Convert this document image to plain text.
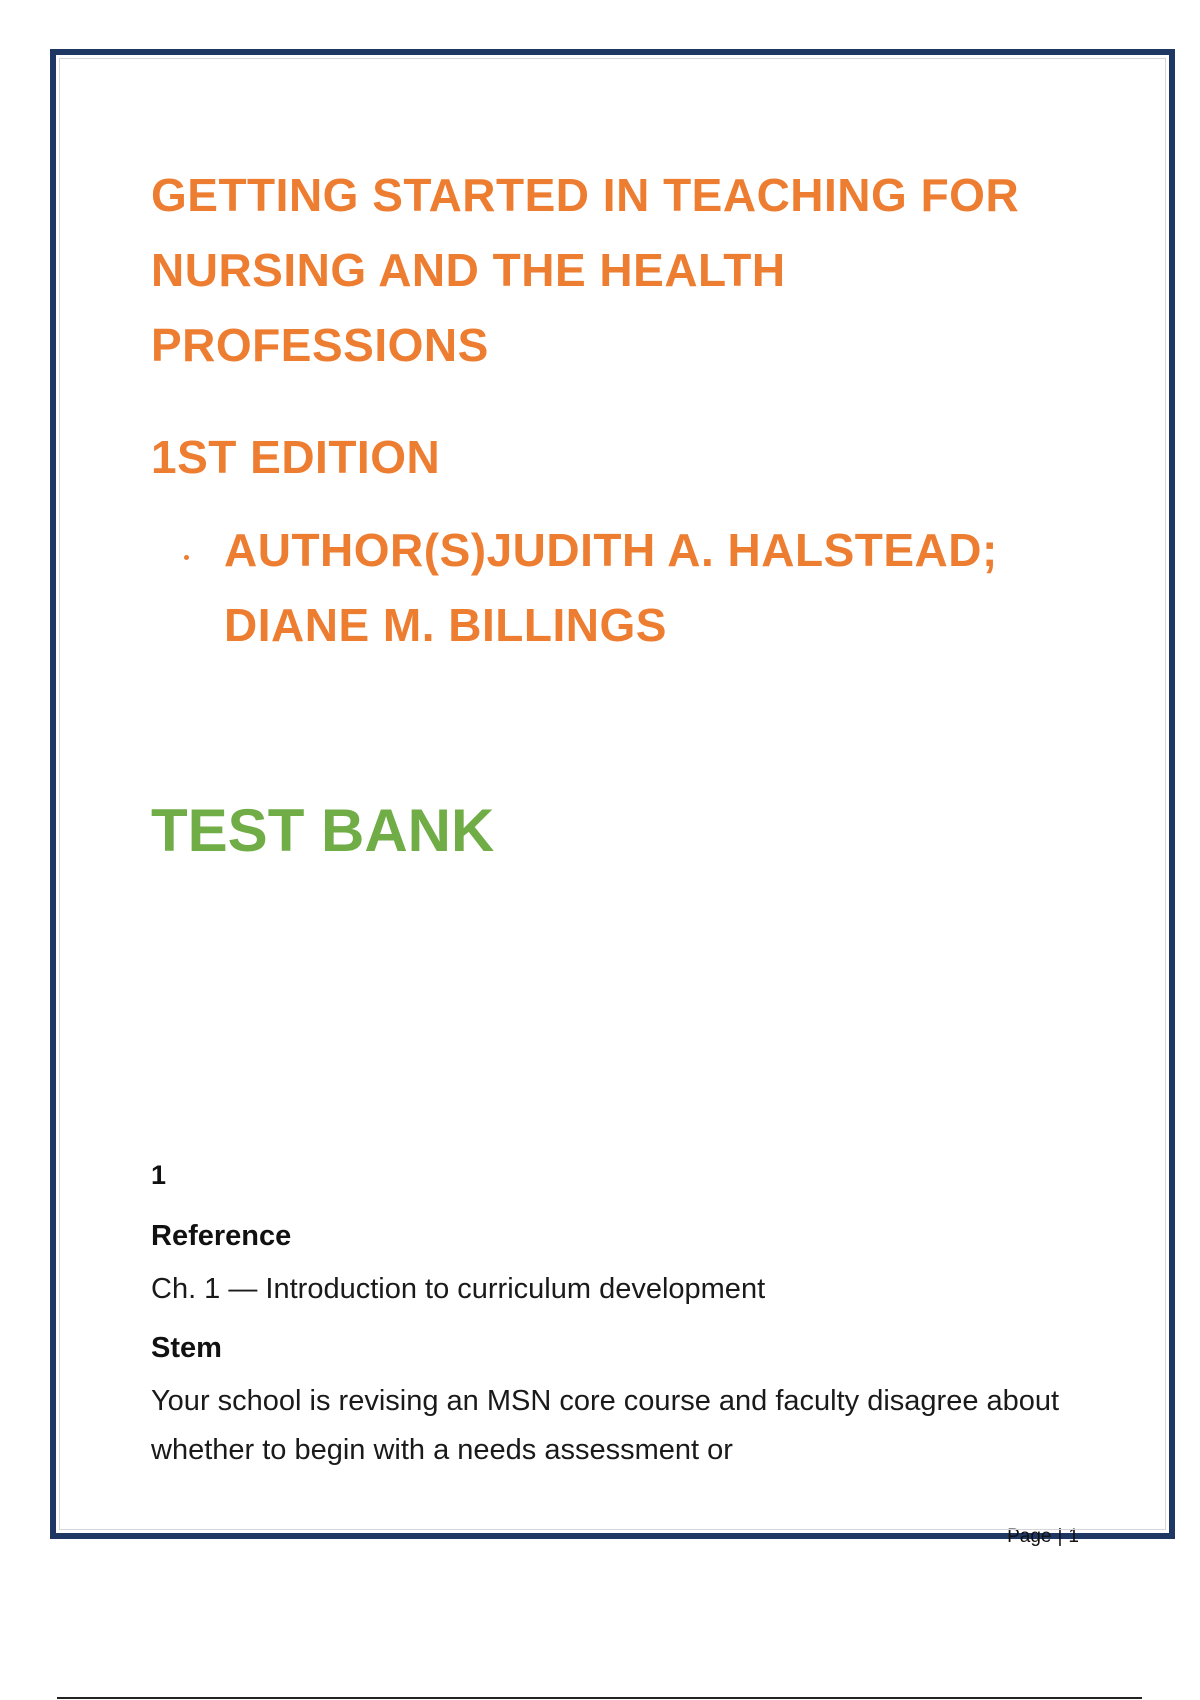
GETTING STARTED IN TEACHING FOR NURSING AND THE HEALTH PROFESSIONS
1ST EDITION
AUTHOR(S)JUDITH A. HALSTEAD; DIANE M. BILLINGS
TEST BANK

1

Reference

Ch. 1 — Introduction to curriculum development

Stem

Your school is revising an MSN core course and faculty disagree about whether to begin with a needs assessment or

Page | 1
